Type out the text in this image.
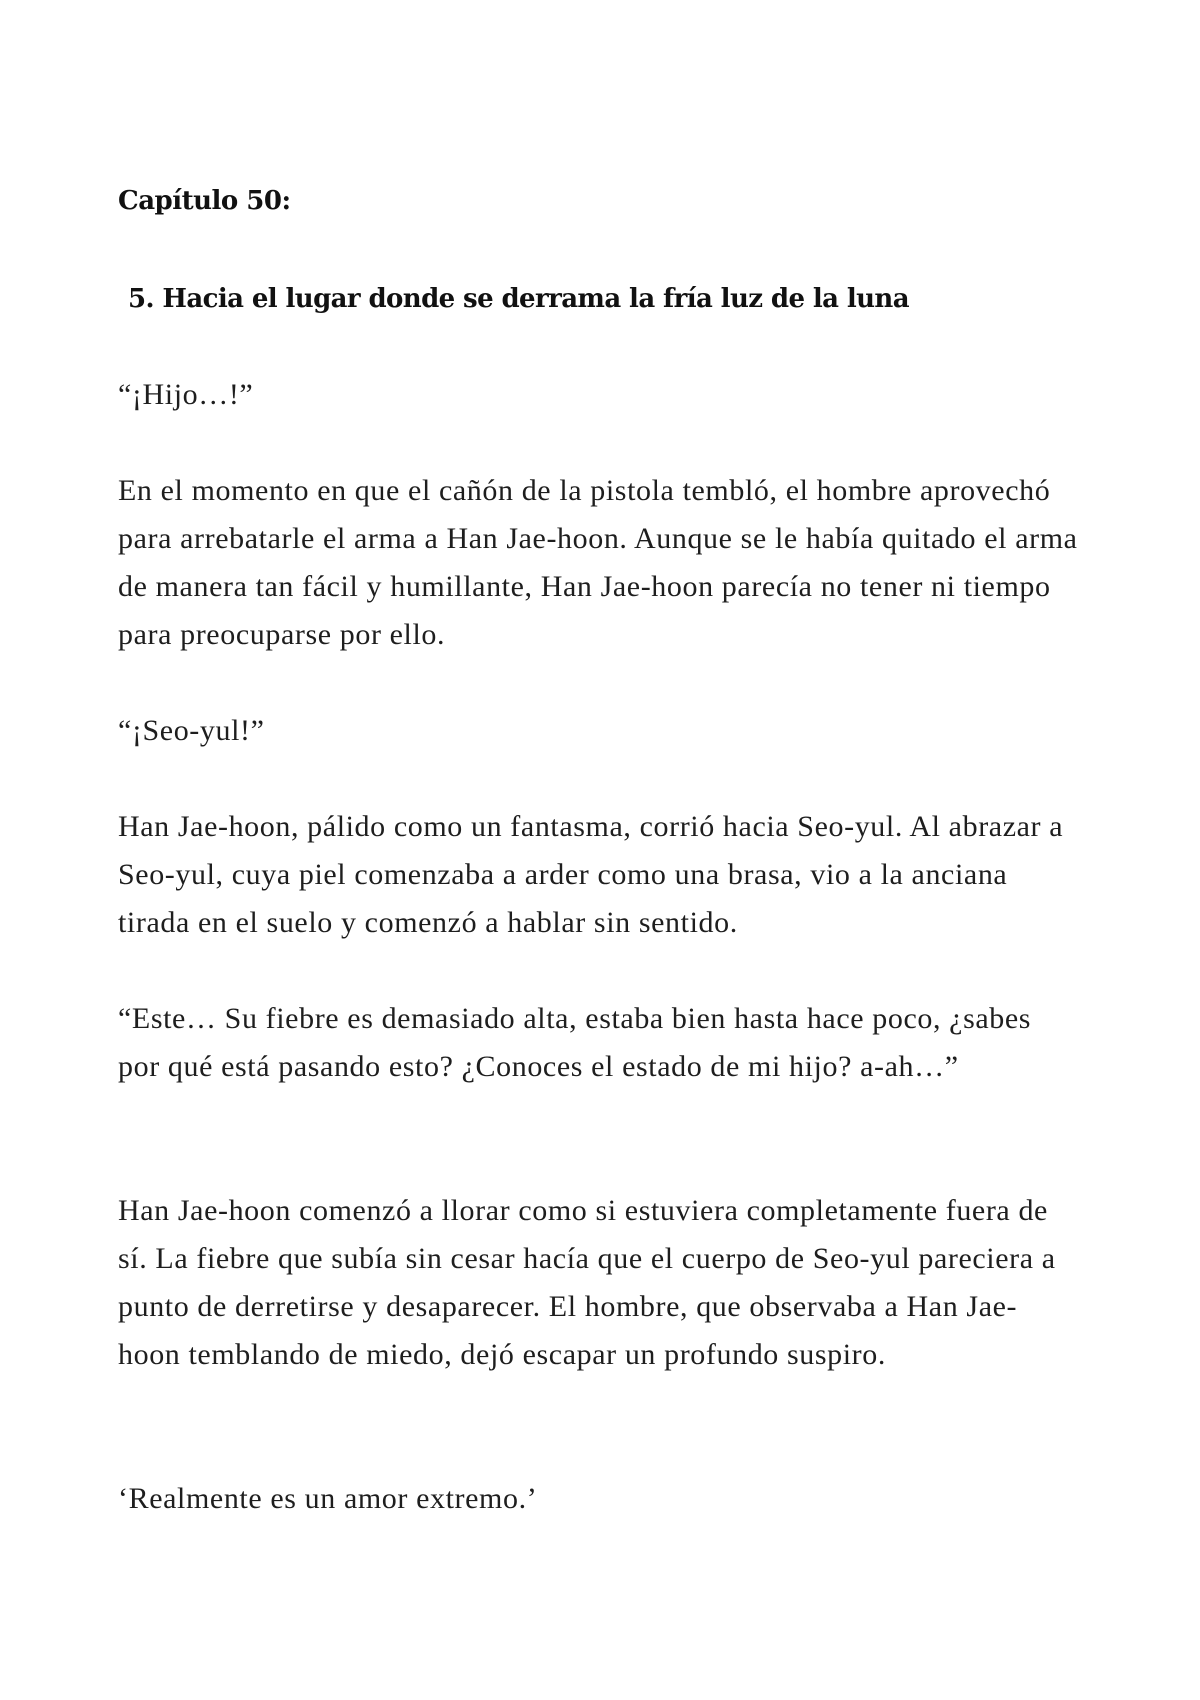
Capítulo 50:
5. Hacia el lugar donde se derrama la fría luz de la luna

“¡Hijo…!”

En el momento en que el cañón de la pistola tembló, el hombre aprovechó para arrebatarle el arma a Han Jae-hoon. Aunque se le había quitado el arma de manera tan fácil y humillante, Han Jae-hoon parecía no tener ni tiempo para preocuparse por ello.

“¡Seo-yul!”

Han Jae-hoon, pálido como un fantasma, corrió hacia Seo-yul. Al abrazar a Seo-yul, cuya piel comenzaba a arder como una brasa, vio a la anciana tirada en el suelo y comenzó a hablar sin sentido.

“Este… Su fiebre es demasiado alta, estaba bien hasta hace poco, ¿sabes por qué está pasando esto? ¿Conoces el estado de mi hijo? a-ah…”

Han Jae-hoon comenzó a llorar como si estuviera completamente fuera de sí. La fiebre que subía sin cesar hacía que el cuerpo de Seo-yul pareciera a punto de derretirse y desaparecer. El hombre, que observaba a Han Jae-hoon temblando de miedo, dejó escapar un profundo suspiro.

‘Realmente es un amor extremo.’
